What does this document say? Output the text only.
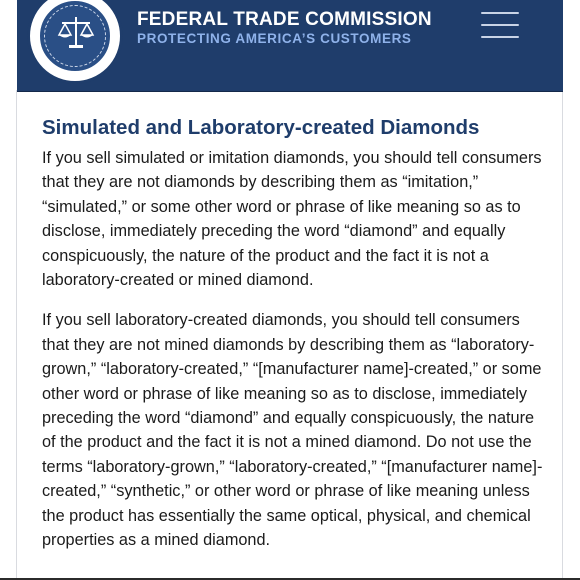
FEDERAL TRADE COMMISSION
PROTECTING AMERICA’S CUSTOMERS
Simulated and Laboratory-created Diamonds

If you sell simulated or imitation diamonds, you should tell consumers that they are not diamonds by describing them as “imitation,” “simulated,” or some other word or phrase of like meaning so as to disclose, immediately preceding the word “diamond” and equally conspicuously, the nature of the product and the fact it is not a laboratory-created or mined diamond.

If you sell laboratory-created diamonds, you should tell consumers that they are not mined diamonds by describing them as “laboratory-grown,” “laboratory-created,” “[manufacturer name]-created,” or some other word or phrase of like meaning so as to disclose, immediately preceding the word “diamond” and equally conspicuously, the nature of the product and the fact it is not a mined diamond. Do not use the terms “laboratory-grown,” “laboratory-created,” “[manufacturer name]-created,” “synthetic,” or other word or phrase of like meaning unless the product has essentially the same optical, physical, and chemical properties as a mined diamond.
